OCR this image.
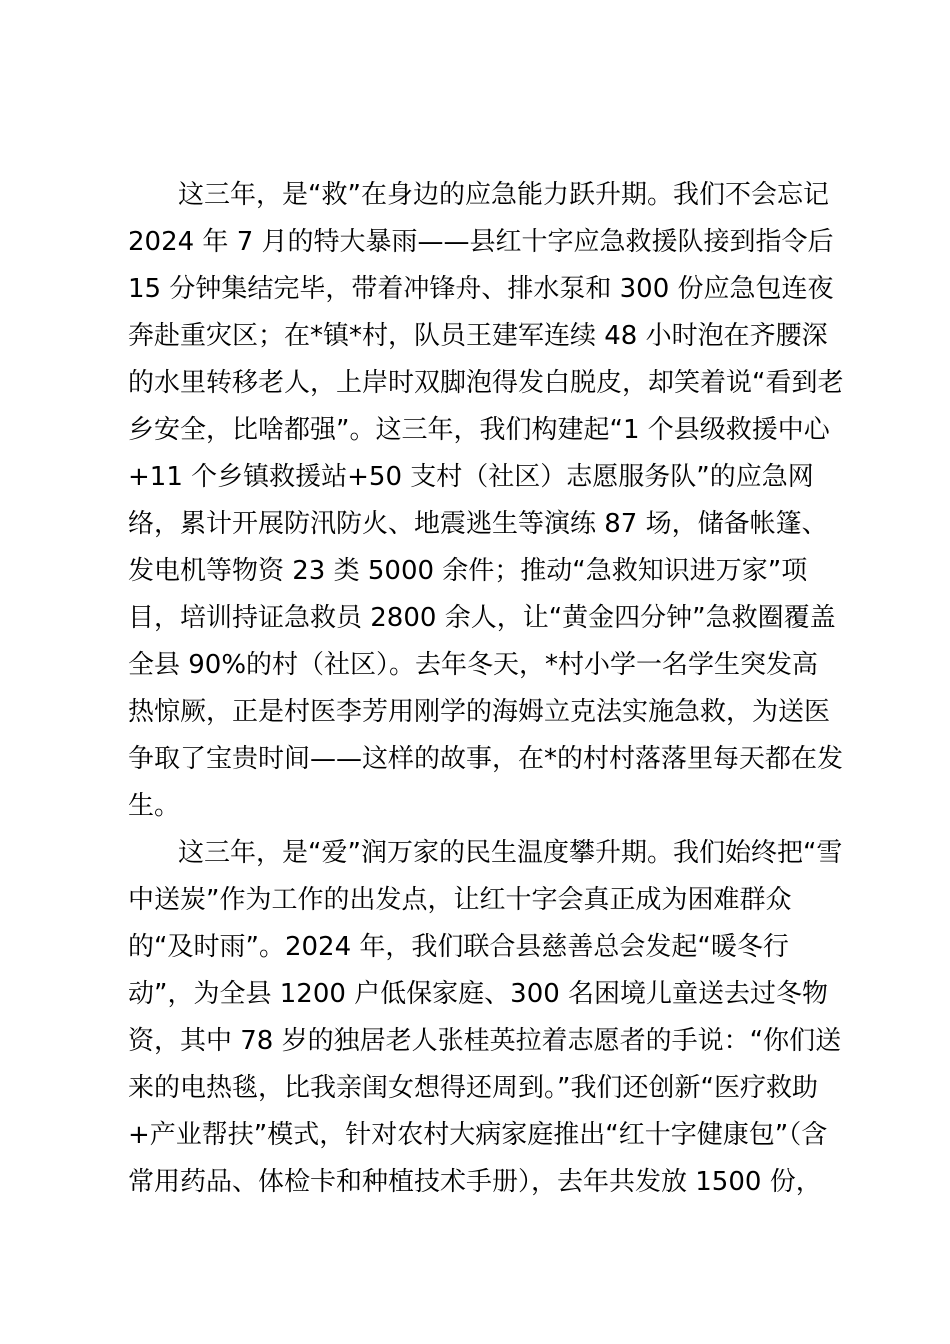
这三年，是“救”在身边的应急能力跃升期。我们不会忘记
2024 年 7 月的特大暴雨——县红十字应急救援队接到指令后
15 分钟集结完毕，带着冲锋舟、排水泵和 300 份应急包连夜
奔赴重灾区；在*镇*村，队员王建军连续 48 小时泡在齐腰深
的水里转移老人，上岸时双脚泡得发白脱皮，却笑着说“看到老
乡安全，比啥都强”。这三年，我们构建起“1 个县级救援中心
+11 个乡镇救援站+50 支村（社区）志愿服务队”的应急网
络，累计开展防汛防火、地震逃生等演练 87 场，储备帐篷、
发电机等物资 23 类 5000 余件；推动“急救知识进万家”项
目，培训持证急救员 2800 余人，让“黄金四分钟”急救圈覆盖
全县 90%的村（社区）。去年冬天，*村小学一名学生突发高
热惊厥，正是村医李芳用刚学的海姆立克法实施急救，为送医
争取了宝贵时间——这样的故事，在*的村村落落里每天都在发
生。
这三年，是“爱”润万家的民生温度攀升期。我们始终把“雪
中送炭”作为工作的出发点，让红十字会真正成为困难群众
的“及时雨”。2024 年，我们联合县慈善总会发起“暖冬行
动”，为全县 1200 户低保家庭、300 名困境儿童送去过冬物
资，其中 78 岁的独居老人张桂英拉着志愿者的手说：“你们送
来的电热毯，比我亲闺女想得还周到。”我们还创新“医疗救助
+产业帮扶”模式，针对农村大病家庭推出“红十字健康包”（含
常用药品、体检卡和种植技术手册），去年共发放 1500 份，
